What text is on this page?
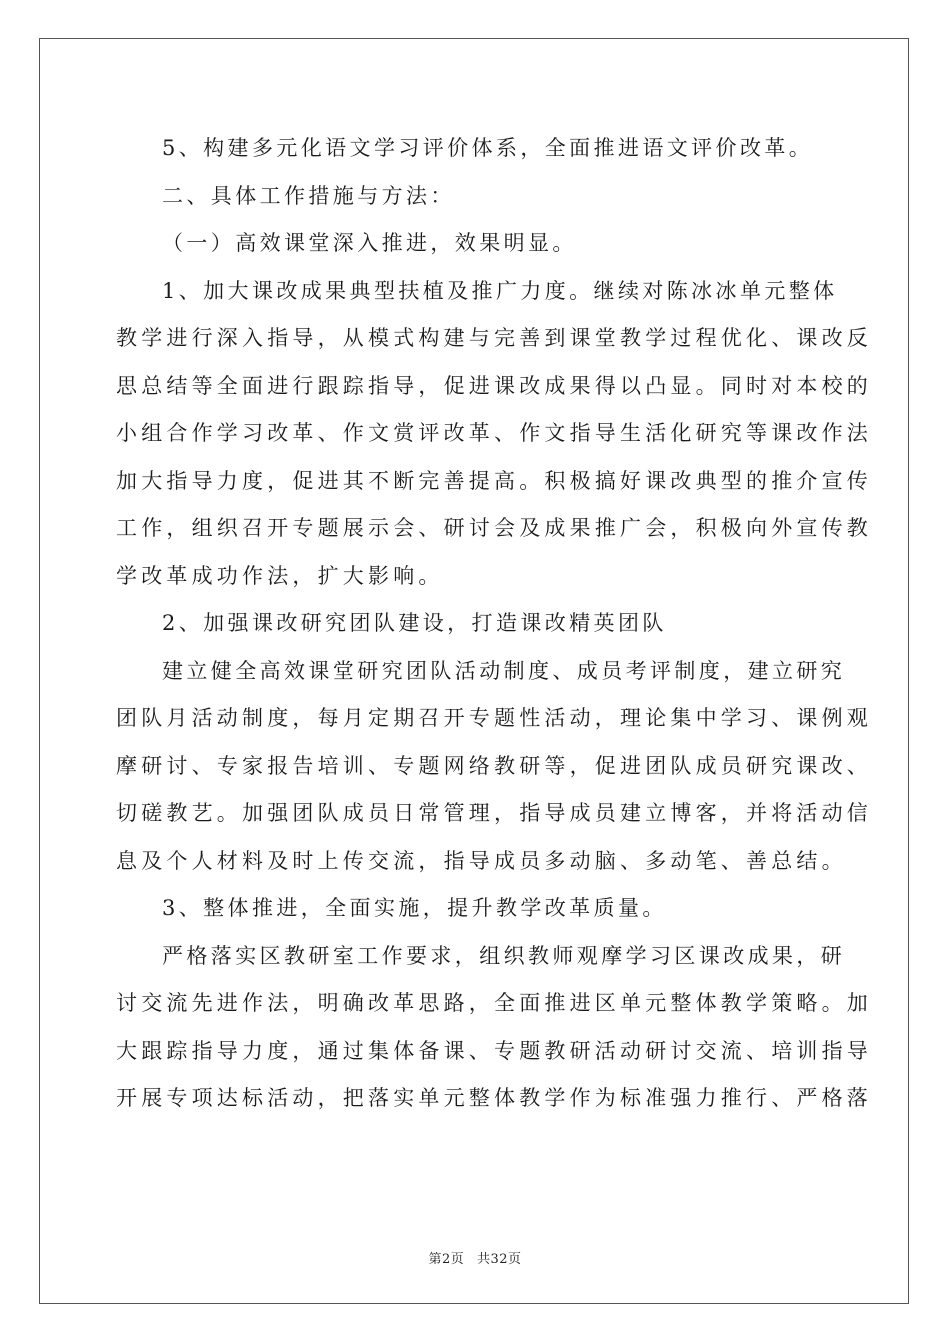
5、构建多元化语文学习评价体系，全面推进语文评价改革。
二、具体工作措施与方法：
（一）高效课堂深入推进，效果明显。
1、加大课改成果典型扶植及推广力度。继续对陈冰冰单元整体
教学进行深入指导，从模式构建与完善到课堂教学过程优化、课改反
思总结等全面进行跟踪指导，促进课改成果得以凸显。同时对本校的
小组合作学习改革、作文赏评改革、作文指导生活化研究等课改作法
加大指导力度，促进其不断完善提高。积极搞好课改典型的推介宣传
工作，组织召开专题展示会、研讨会及成果推广会，积极向外宣传教
学改革成功作法，扩大影响。
2、加强课改研究团队建设，打造课改精英团队
建立健全高效课堂研究团队活动制度、成员考评制度，建立研究
团队月活动制度，每月定期召开专题性活动，理论集中学习、课例观
摩研讨、专家报告培训、专题网络教研等，促进团队成员研究课改、
切磋教艺。加强团队成员日常管理，指导成员建立博客，并将活动信
息及个人材料及时上传交流，指导成员多动脑、多动笔、善总结。
3、整体推进，全面实施，提升教学改革质量。
严格落实区教研室工作要求，组织教师观摩学习区课改成果，研
讨交流先进作法，明确改革思路，全面推进区单元整体教学策略。加
大跟踪指导力度，通过集体备课、专题教研活动研讨交流、培训指导
开展专项达标活动，把落实单元整体教学作为标准强力推行、严格落
第2页 共32页
